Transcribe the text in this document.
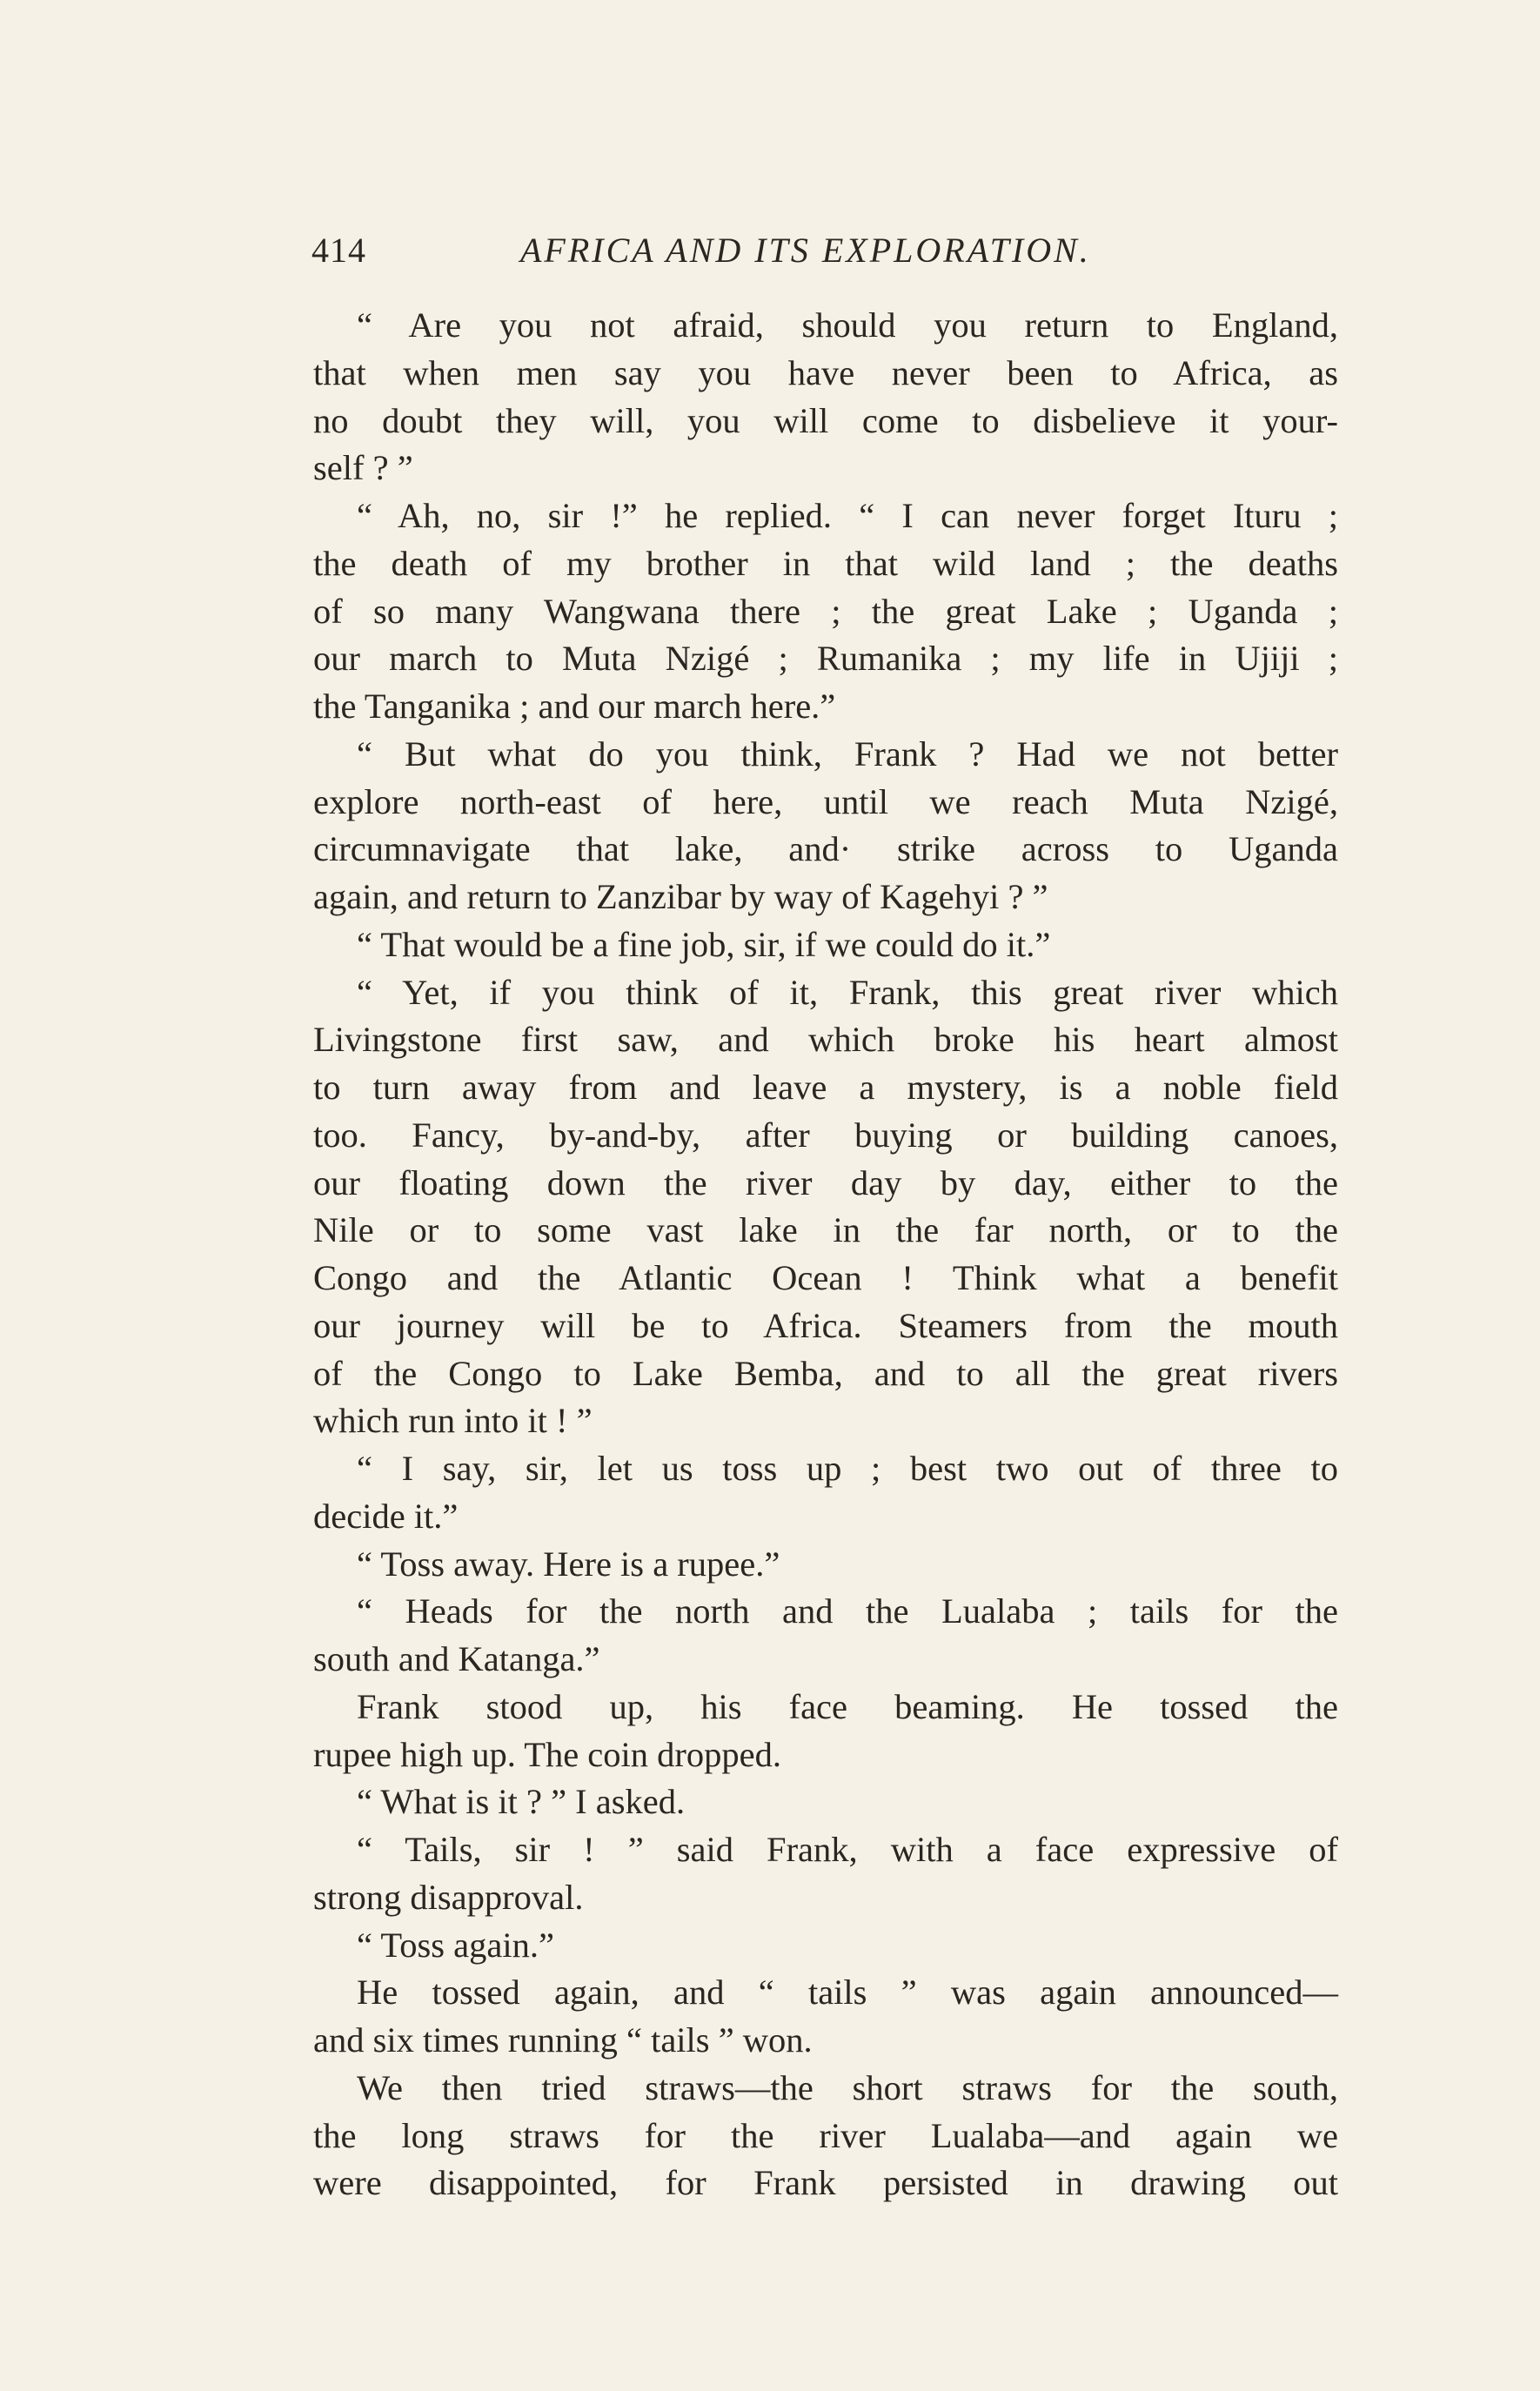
414	AFRICA AND ITS EXPLORATION.
“ Are you not afraid, should you return to England,
that when men say you have never been to Africa, as
no doubt they will, you will come to disbelieve it your-
self ? ”
“ Ah, no, sir !” he replied. “ I can never forget Ituru ;
the death of my brother in that wild land ; the deaths
of so many Wangwana there ; the great Lake ; Uganda ;
our march to Muta Nzigé ; Rumanika ; my life in Ujiji ;
the Tanganika ; and our march here.”
“ But what do you think, Frank ? Had we not better
explore north-east of here, until we reach Muta Nzigé,
circumnavigate that lake, and· strike across to Uganda
again, and return to Zanzibar by way of Kagehyi ? ”
“ That would be a fine job, sir, if we could do it.”
“ Yet, if you think of it, Frank, this great river which
Livingstone first saw, and which broke his heart almost
to turn away from and leave a mystery, is a noble field
too. Fancy, by-and-by, after buying or building canoes,
our floating down the river day by day, either to the
Nile or to some vast lake in the far north, or to the
Congo and the Atlantic Ocean ! Think what a benefit
our journey will be to Africa. Steamers from the mouth
of the Congo to Lake Bemba, and to all the great rivers
which run into it ! ”
“ I say, sir, let us toss up ; best two out of three to
decide it.”
“ Toss away. Here is a rupee.”
“ Heads for the north and the Lualaba ; tails for the
south and Katanga.”
Frank stood up, his face beaming. He tossed the
rupee high up. The coin dropped.
“ What is it ? ” I asked.
“ Tails, sir ! ” said Frank, with a face expressive of
strong disapproval.
“ Toss again.”
He tossed again, and “ tails ” was again announced—
and six times running “ tails ” won.
We then tried straws—the short straws for the south,
the long straws for the river Lualaba—and again we
were disappointed, for Frank persisted in drawing out
